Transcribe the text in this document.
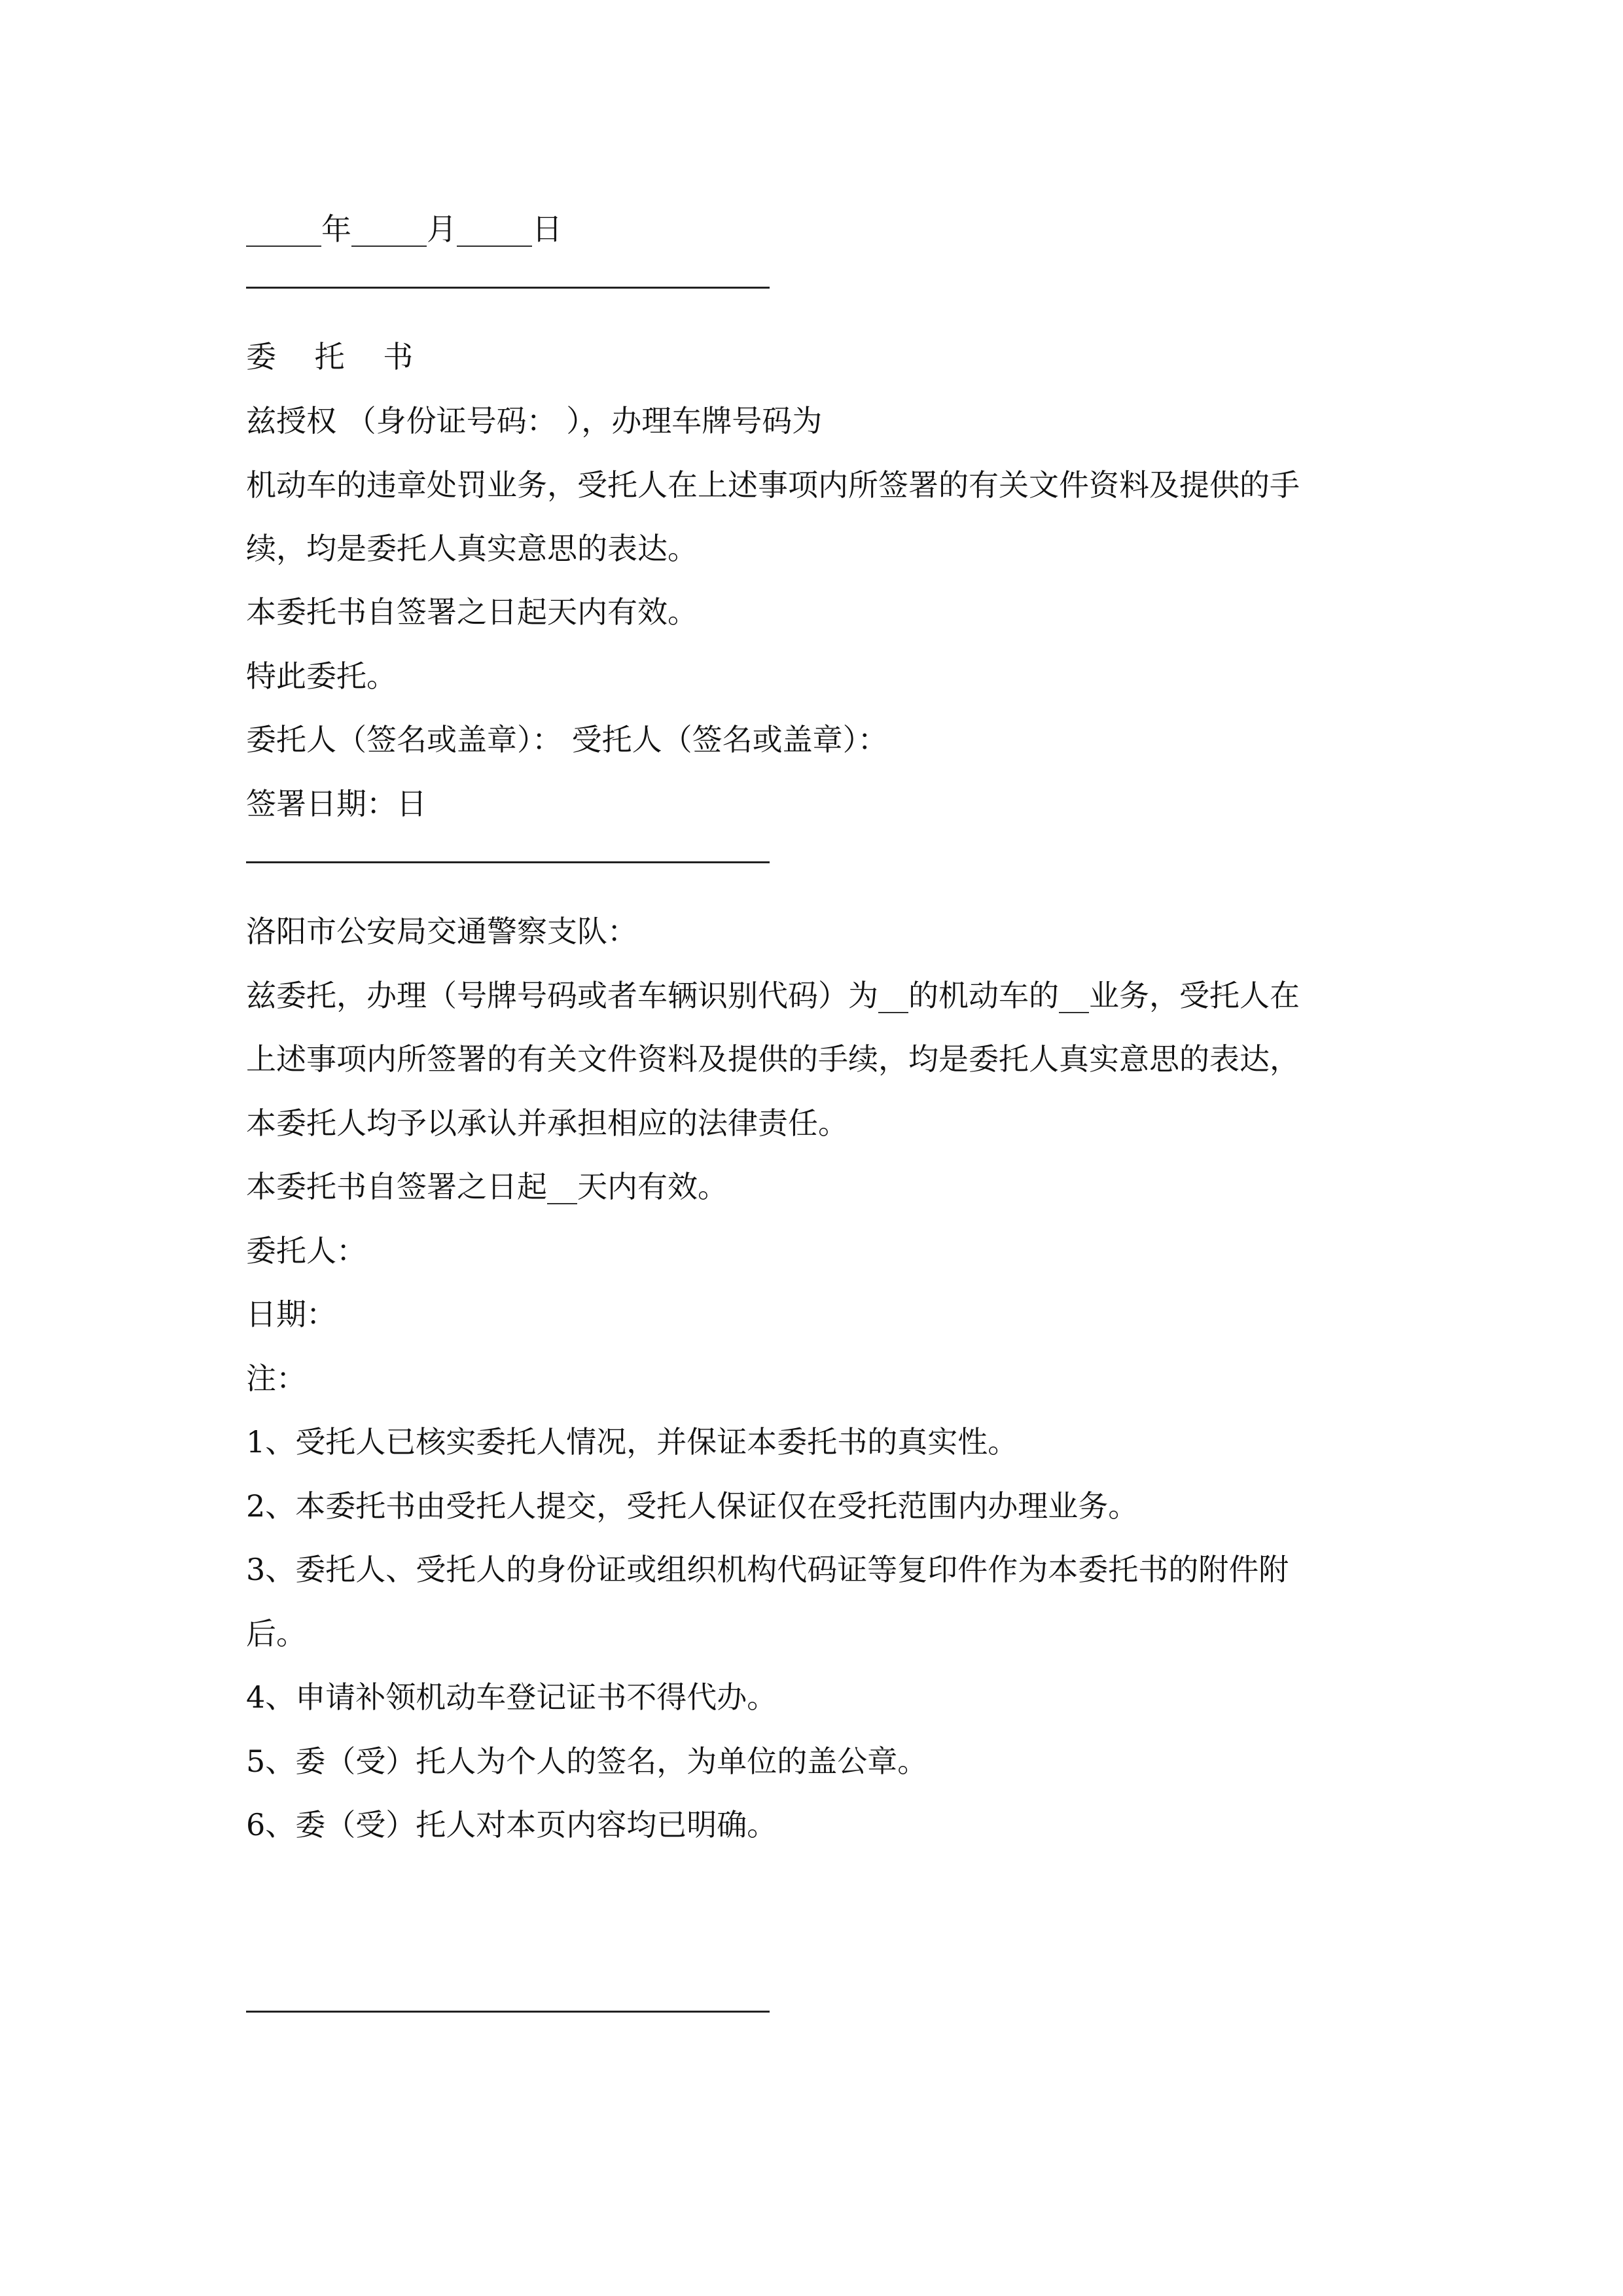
_____年_____月_____日
委 托 书
兹授权 （身份证号码： ），办理车牌号码为
机动车的违章处罚业务，受托人在上述事项内所签署的有关文件资料及提供的手
续，均是委托人真实意思的表达。
本委托书自签署之日起天内有效。
特此委托。
委托人（签名或盖章）： 受托人（签名或盖章）：
签署日期：日
洛阳市公安局交通警察支队：
兹委托，办理（号牌号码或者车辆识别代码）为__的机动车的__业务，受托人在
上述事项内所签署的有关文件资料及提供的手续，均是委托人真实意思的表达，
本委托人均予以承认并承担相应的法律责任。
本委托书自签署之日起__天内有效。
委托人：
日期：
注：
1、受托人已核实委托人情况，并保证本委托书的真实性。
2、本委托书由受托人提交，受托人保证仅在受托范围内办理业务。
3、委托人、受托人的身份证或组织机构代码证等复印件作为本委托书的附件附
后。
4、申请补领机动车登记证书不得代办。
5、委（受）托人为个人的签名，为单位的盖公章。
6、委（受）托人对本页内容均已明确。
